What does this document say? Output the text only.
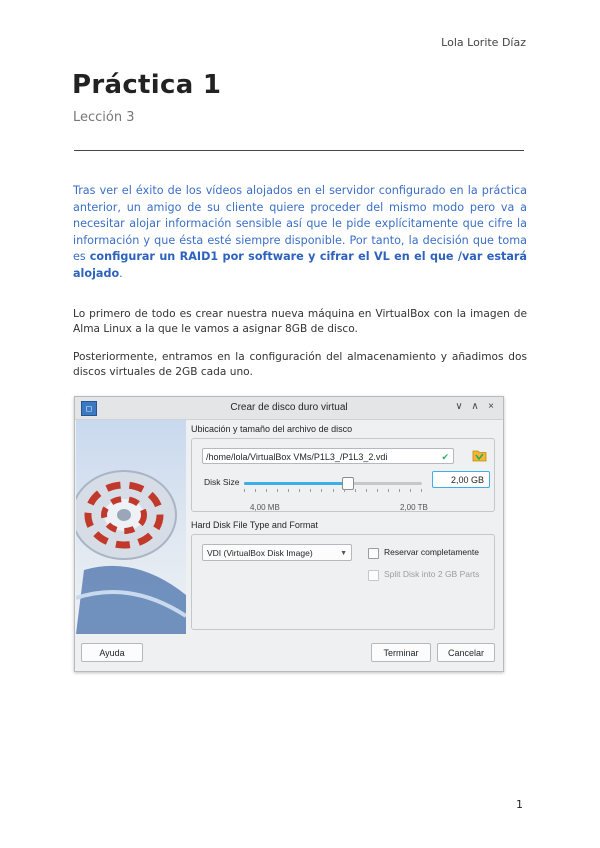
Lola Lorite Díaz
Práctica 1
Lección 3

Tras ver el éxito de los vídeos alojados en el servidor configurado en la práctica anterior, un amigo de su cliente quiere proceder del mismo modo pero va a necesitar alojar información sensible así que le pide explícitamente que cifre la información y que ésta esté siempre disponible. Por tanto, la decisión que toma es configurar un RAID1 por software y cifrar el VL en el que /var estará alojado.

Lo primero de todo es crear nuestra nueva máquina en VirtualBox con la imagen de Alma Linux a la que le vamos a asignar 8GB de disco.

Posteriormente, entramos en la configuración del almacenamiento y añadimos dos discos virtuales de 2GB cada uno.

◻	Crear de disco duro virtual	∨ ∧ ×
Ubicación y tamaño del archivo de disco
/home/lola/VirtualBox VMs/P1L3_/P1L3_2.vdi	✔
Disk Size	2,00 GB
4,00 MB	2,00 TB
Hard Disk File Type and Format
VDI (VirtualBox Disk Image)	▼	Reservar completamente
Split Disk into 2 GB Parts
Ayuda	Terminar	Cancelar
1
